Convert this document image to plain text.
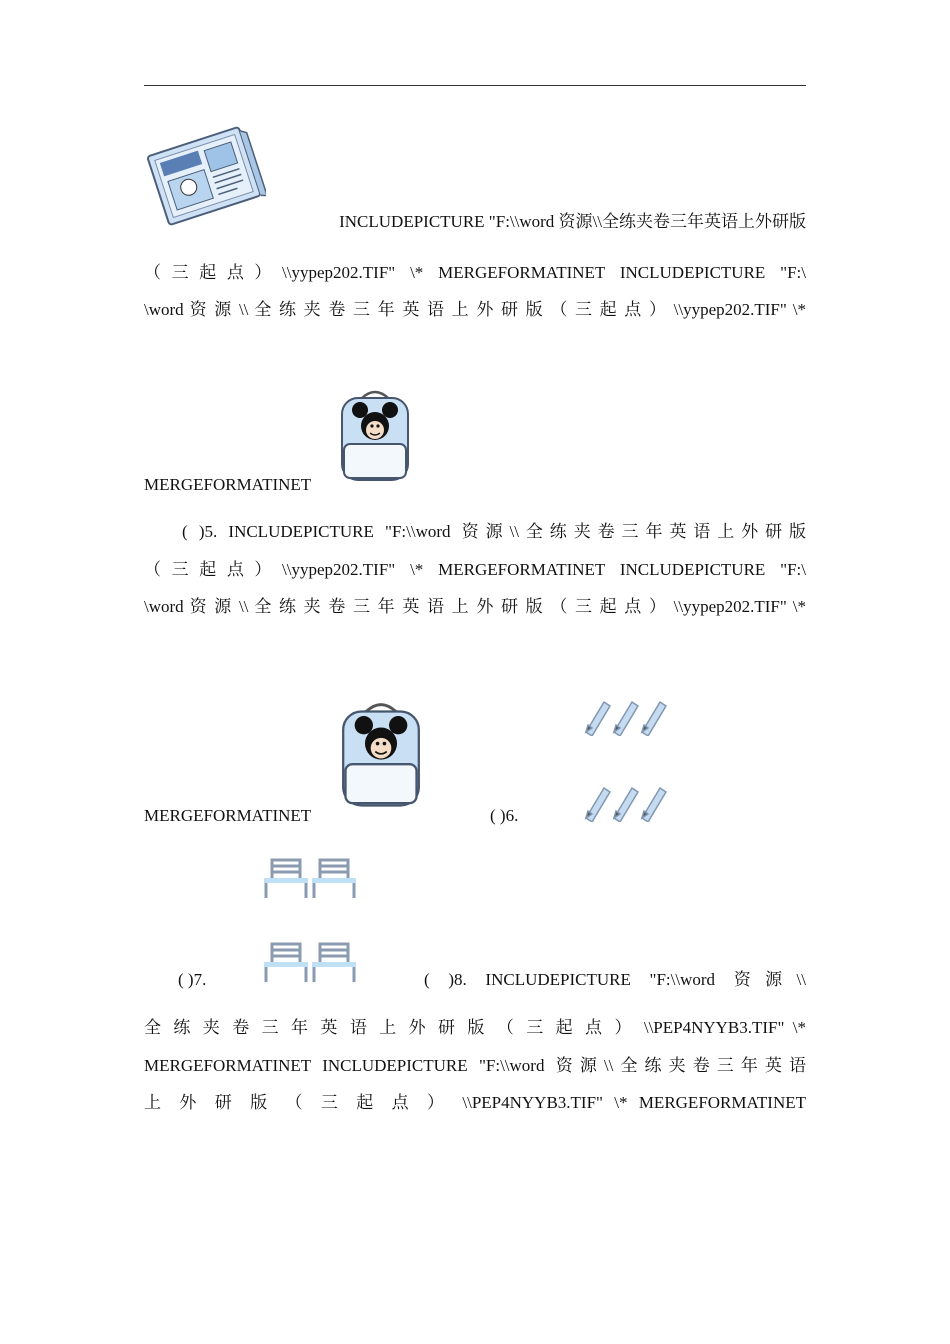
INCLUDEPICTURE "F:\\word 资源\\全练夹卷三年英语上外研版
（三起点）\\yypep202.TIF" \* MERGEFORMATINET INCLUDEPICTURE "F:\
\word 资 源 \\ 全 练 夹 卷 三 年 英 语 上 外 研 版 （ 三 起 点 ） \\yypep202.TIF" \*
MERGEFORMATINET
( )5. INCLUDEPICTURE "F:\\word 资源\\全练夹卷三年英语上外研版
（三起点）\\yypep202.TIF" \* MERGEFORMATINET INCLUDEPICTURE "F:\
\word 资 源 \\ 全 练 夹 卷 三 年 英 语 上 外 研 版 （ 三 起 点 ） \\yypep202.TIF" \*
MERGEFORMATINET	( )6.
( )7.	( )8. INCLUDEPICTURE "F:\\word 资源\\
全 练 夹 卷 三 年 英 语 上 外 研 版 （ 三 起 点 ） \\PEP4NYYB3.TIF" \*
MERGEFORMATINET INCLUDEPICTURE "F:\\word 资源\\全练夹卷三年英语
上 外 研 版 （ 三 起 点 ） \\PEP4NYYB3.TIF" \* MERGEFORMATINET
